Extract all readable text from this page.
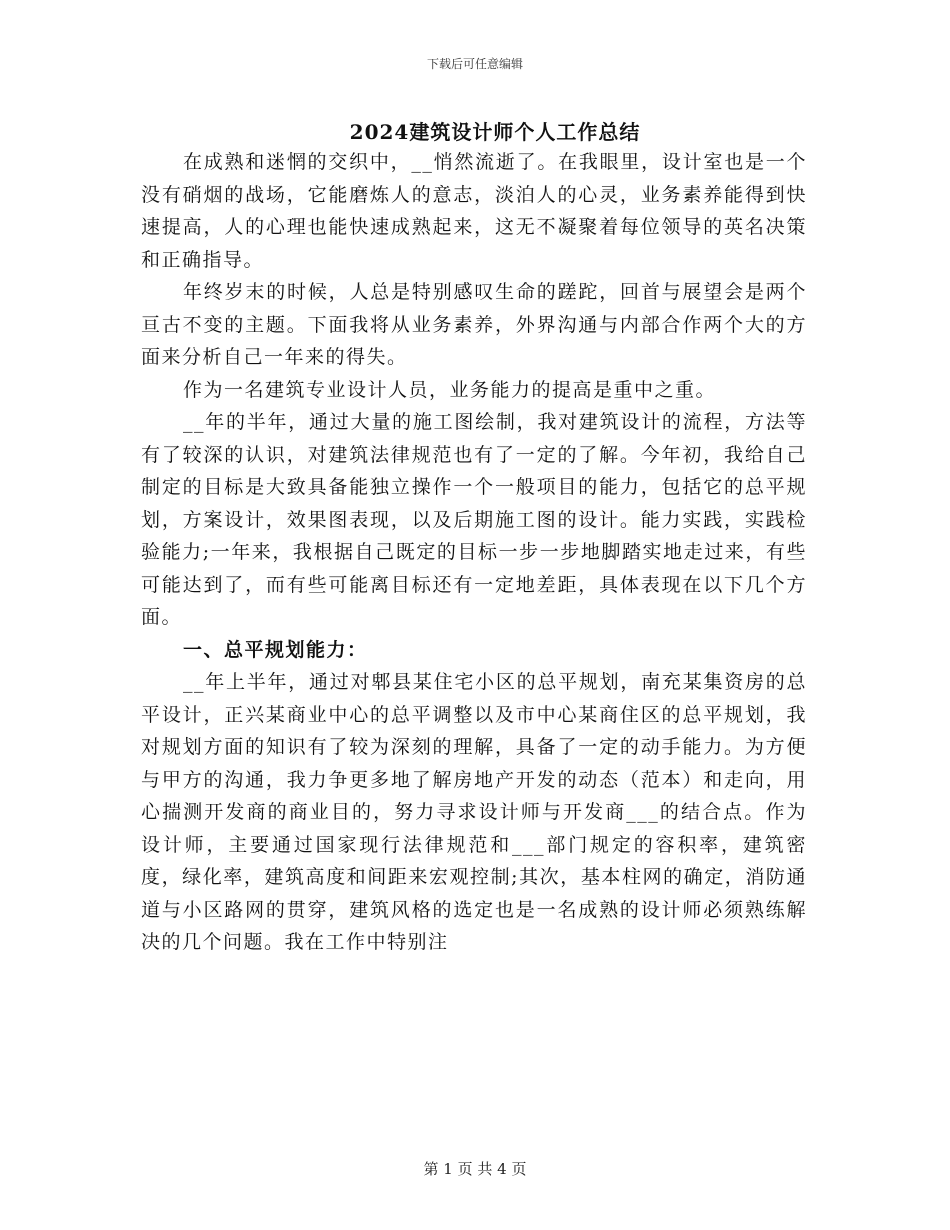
下载后可任意编辑
2024建筑设计师个人工作总结

在成熟和迷惘的交织中，__悄然流逝了。在我眼里，设计室也是一个没有硝烟的战场，它能磨炼人的意志，淡泊人的心灵，业务素养能得到快速提高，人的心理也能快速成熟起来，这无不凝聚着每位领导的英名决策和正确指导。

年终岁末的时候，人总是特别感叹生命的蹉跎，回首与展望会是两个亘古不变的主题。下面我将从业务素养，外界沟通与内部合作两个大的方面来分析自己一年来的得失。

作为一名建筑专业设计人员，业务能力的提高是重中之重。

__年的半年，通过大量的施工图绘制，我对建筑设计的流程，方法等有了较深的认识，对建筑法律规范也有了一定的了解。今年初，我给自己制定的目标是大致具备能独立操作一个一般项目的能力，包括它的总平规划，方案设计，效果图表现，以及后期施工图的设计。能力实践，实践检验能力;一年来，我根据自己既定的目标一步一步地脚踏实地走过来，有些可能达到了，而有些可能离目标还有一定地差距，具体表现在以下几个方面。

一、总平规划能力：

__年上半年，通过对郫县某住宅小区的总平规划，南充某集资房的总平设计，正兴某商业中心的总平调整以及市中心某商住区的总平规划，我对规划方面的知识有了较为深刻的理解，具备了一定的动手能力。为方便与甲方的沟通，我力争更多地了解房地产开发的动态（范本）和走向，用心揣测开发商的商业目的，努力寻求设计师与开发商___的结合点。作为设计师，主要通过国家现行法律规范和___部门规定的容积率，建筑密度，绿化率，建筑高度和间距来宏观控制;其次，基本柱网的确定，消防通道与小区路网的贯穿，建筑风格的选定也是一名成熟的设计师必须熟练解决的几个问题。我在工作中特别注

第 1 页 共 4 页
